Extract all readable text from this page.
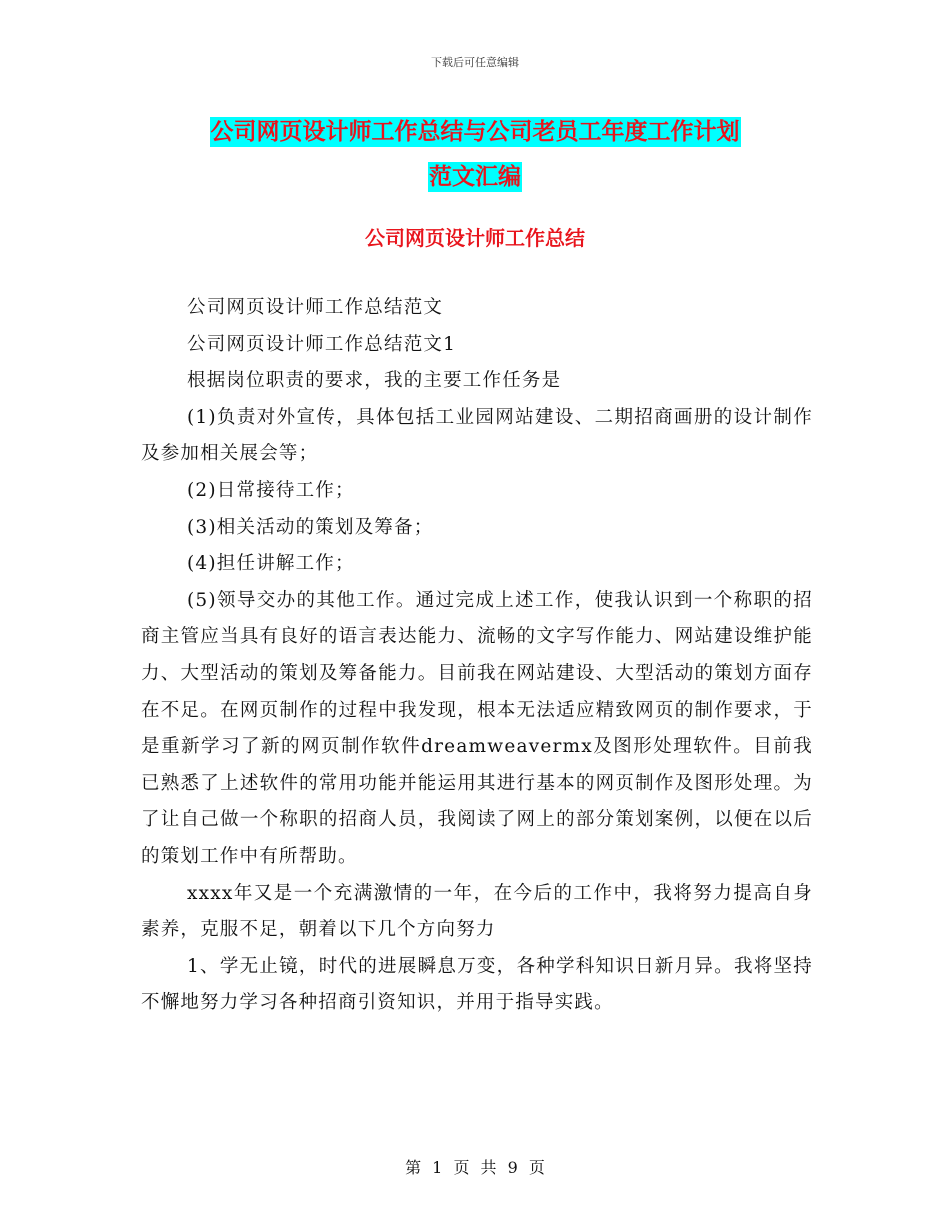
下载后可任意编辑
公司网页设计师工作总结与公司老员工年度工作计划
范文汇编
公司网页设计师工作总结

公司网页设计师工作总结范文

公司网页设计师工作总结范文1

根据岗位职责的要求，我的主要工作任务是

(1)负责对外宣传，具体包括工业园网站建设、二期招商画册的设计制作及参加相关展会等；

(2)日常接待工作；

(3)相关活动的策划及筹备；

(4)担任讲解工作；

(5)领导交办的其他工作。通过完成上述工作，使我认识到一个称职的招商主管应当具有良好的语言表达能力、流畅的文字写作能力、网站建设维护能力、大型活动的策划及筹备能力。目前我在网站建设、大型活动的策划方面存在不足。在网页制作的过程中我发现，根本无法适应精致网页的制作要求，于是重新学习了新的网页制作软件dreamweavermx及图形处理软件。目前我已熟悉了上述软件的常用功能并能运用其进行基本的网页制作及图形处理。为了让自己做一个称职的招商人员，我阅读了网上的部分策划案例，以便在以后的策划工作中有所帮助。

xxxx年又是一个充满激情的一年，在今后的工作中，我将努力提高自身素养，克服不足，朝着以下几个方向努力

1、学无止镜，时代的进展瞬息万变，各种学科知识日新月异。我将坚持不懈地努力学习各种招商引资知识，并用于指导实践。

第 1 页 共 9 页
